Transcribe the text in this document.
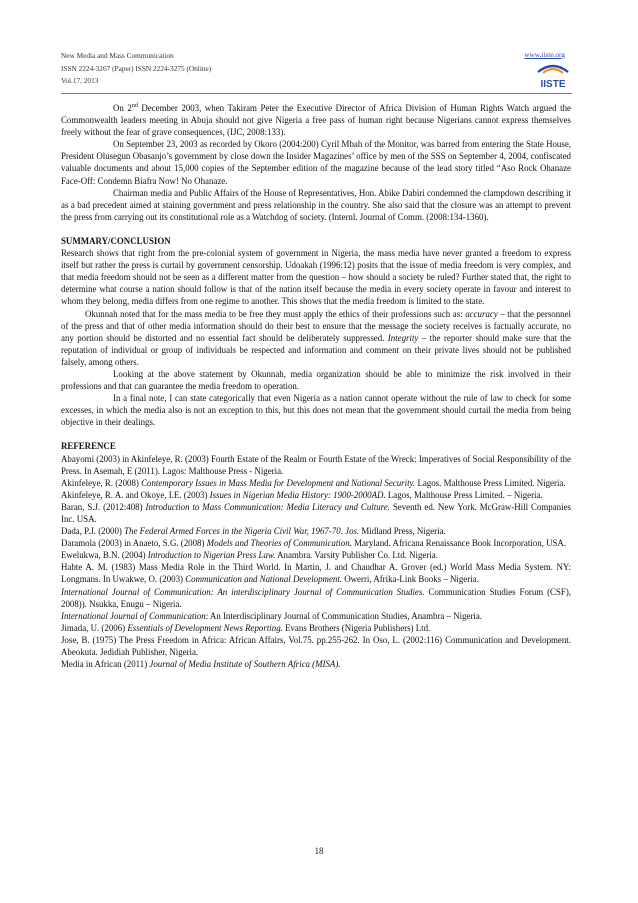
New Media and Mass Communication
ISSN 2224-3267 (Paper) ISSN 2224-3275 (Online)
Vol.17, 2013
www.iiste.org
IISTE

On 2nd December 2003, when Takiram Peter the Executive Director of Africa Division of Human Rights Watch argued the Commonwealth leaders meeting in Abuja should not give Nigeria a free pass of human right because Nigerians cannot express themselves freely without the fear of grave consequences, (IJC, 2008:133).

On September 23, 2003 as recorded by Okoro (2004:200) Cyril Mbah of the Monitor, was barred from entering the State House, President Olusegun Obasanjo’s government by close down the Insider Magazines’ office by men of the SSS on September 4, 2004, confiscated valuable documents and about 15,000 copies of the September edition of the magazine because of the lead story titled “Aso Rock Ohanaze Face-Off: Condemn Biafra Now! No Ohanaze.

Chairman media and Public Affairs of the House of Representatives, Hon. Abike Dabiri condemned the clampdown describing it as a bad precedent aimed at staining government and press relationship in the country. She also said that the closure was an attempt to prevent the press from carrying out its constitutional role as a Watchdog of society. (Internl. Journal of Comm. (2008:134-1360).

SUMMARY/CONCLUSION

Research shows that right from the pre-colonial system of government in Nigeria, the mass media have never granted a freedom to express itself but rather the press is curtail by government censorship. Udoakah (1996:12) posits that the issue of media freedom is very complex, and that media freedom should not be seen as a different matter from the question – how should a society be ruled? Further stated that, the right to determine what course a nation should follow is that of the nation itself because the media in every society operate in favour and interest to whom they belong, media differs from one regime to another. This shows that the media freedom is limited to the state.

Okunnah noted that for the mass media to be free they must apply the ethics of their professions such as: accuracy – that the personnel of the press and that of other media information should do their best to ensure that the message the society receives is factually accurate, no any portion should be distorted and no essential fact should be deliberately suppressed. Integrity – the reporter should make sure that the reputation of individual or group of individuals be respected and information and comment on their private lives should not be published falsely, among others.

Looking at the above statement by Okunnah, media organization should be able to minimize the risk involved in their professions and that can guarantee the media freedom to operation.

In a final note, I can state categorically that even Nigeria as a nation cannot operate without the rule of law to check for some excesses, in which the media also is not an exception to this, but this does not mean that the government should curtail the media from being objective in their dealings.

REFERENCE

Abayomi (2003) in Akinfeleye, R. (2003) Fourth Estate of the Realm or Fourth Estate of the Wreck: Imperatives of Social Responsibility of the Press. In Asemah, E (2011). Lagos: Malthouse Press - Nigeria.

Akinfeleye, R. (2008) Contemporary Issues in Mass Media for Development and National Security. Lagos. Malthouse Press Limited. Nigeria.

Akinfeleye, R. A. and Okoye, I.E. (2003) Issues in Nigerian Media History: 1900-2000AD. Lagos, Malthouse Press Limited. – Nigeria.

Baran, S.J. (2012:408) Introduction to Mass Communication: Media Literacy and Culture. Seventh ed. New York. McGraw-Hill Companies Inc. USA.

Dada, P.J. (2000) The Federal Armed Forces in the Nigeria Civil War, 1967-70. Jos. Midland Press, Nigeria.

Daramola (2003) in Anaeto, S.G. (2008) Models and Theories of Communication. Maryland. Africana Renaissance Book Incorporation, USA.

Ewelukwa, B.N. (2004) Introduction to Nigerian Press Law. Anambra. Varsity Publisher Co. Ltd. Nigeria.

Habte A. M. (1983) Mass Media Role in the Third World. In Martin, J. and Chaudhar A. Grover (ed.) World Mass Media System. NY: Longmans. In Uwakwe, O. (2003) Communication and National Development. Owerri, Afrika-Link Books – Nigeria.

International Journal of Communication: An interdisciplinary Journal of Communication Studies. Communication Studies Forum (CSF), 2008)). Nsukka, Enugu – Nigeria.

International Journal of Communication: An Interdisciplinary Journal of Communication Studies, Anambra – Nigeria.

Jimada, U. (2006) Essentials of Development News Reporting. Evans Brothers (Nigeria Publishers) Ltd.

Jose, B. (1975) The Press Freedom in Africa: African Affairs, Vol.75. pp.255-262. In Oso, L. (2002:116) Communication and Development. Abeokuta. Jedidiah Publisher, Nigeria.

Media in African (2011) Journal of Media Institute of Southern Africa (MISA).

18
